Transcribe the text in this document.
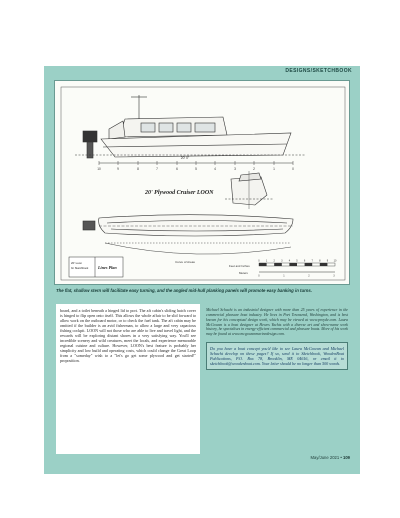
DESIGNS/SKETCHBOOK
10	9	8	7	6	5	4	3	2	1	0
20' 0"
20' Plywood Cruiser LOON
Curve of Areas
20' Loon
for Sketchbook Lines Plan	Feet and Inches
0 1 2 3 4 5 6 7 8 9 10
Meters
0	1	2	3
The flat, shallow stern will facilitate easy turning, and the angled mid-hull planking panels will promote easy banking in turns.

board, and a toilet beneath a hinged lid to port. The aft cabin's sliding hatch cover is hinged to flip open onto itself. This allows the whole affair to be slid forward to allow work on the outboard motor, or to check the fuel tank. The aft cabin may be omitted if the builder is an avid fisherman, to allow a large and very capacious fishing cockpit. LOON will not those who are able to live and travel light, and the rewards will be exploring distant shores in a very satisfying way. You'll see incredible scenery and wild creatures, meet the locals, and experience memorable regional cuisine and culture. However, LOON's best feature is probably her simplicity and low build and operating costs, which could change the Great Loop from a "someday" wish to a "let's go get some plywood and get started!" proposition.

Michael Schacht is an industrial designer with more than 25 years of experience in the commercial pleasure boat industry. He lives in Port Townsend, Washington, and is best known for his conceptual design work, which may be viewed at www.proyde.com. Laura McGowan is a boat designer at Hewes Yachts with a diverse art and show-name work history, he specialises in energy-efficient commercial and pleasure boats. More of his work may be found at www.mcgowanmarinedesign.com.

Do you have a boat concept you'd like to see Laura McGowan and Michael Schacht develop on these pages? If so, send it to Sketchbook, WoodenBoat Publications, P.O. Box 78, Brooklin, ME 04616, or email it to sketchbook@woodenboat.com. Your letter should be no longer than 500 words.

May/June 2021 • 109
